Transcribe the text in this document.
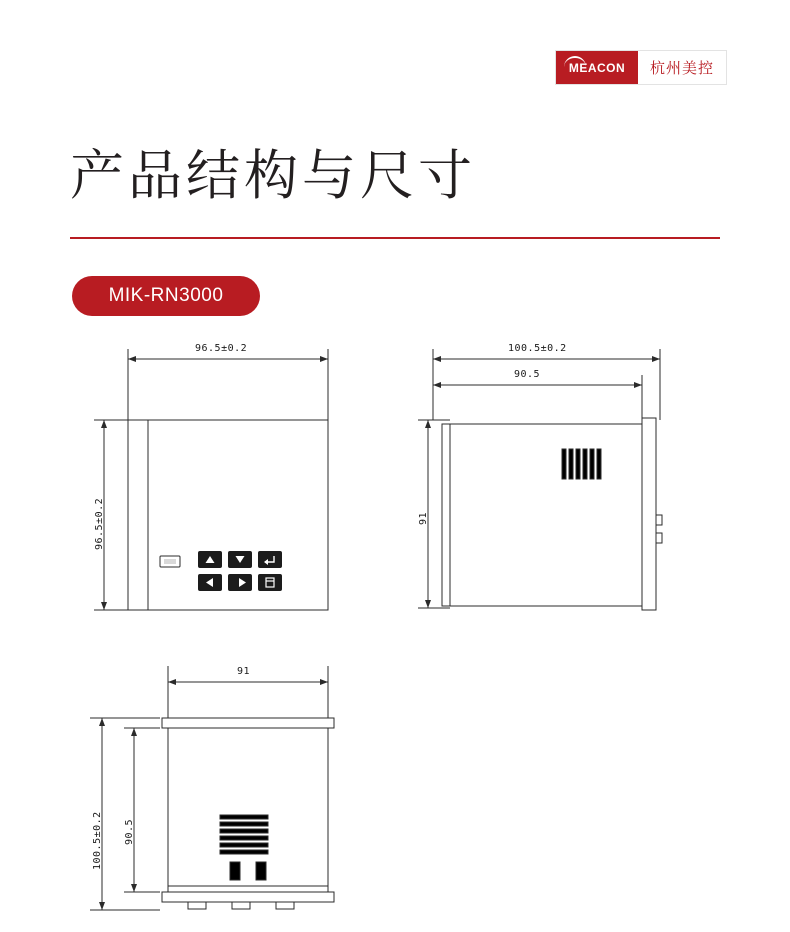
MEACON 杭州美控
产品结构与尺寸
MIK-RN3000
96.5±0.2
96.5±0.2
100.5±0.2
90.5
91
91
100.5±0.2 90.5
